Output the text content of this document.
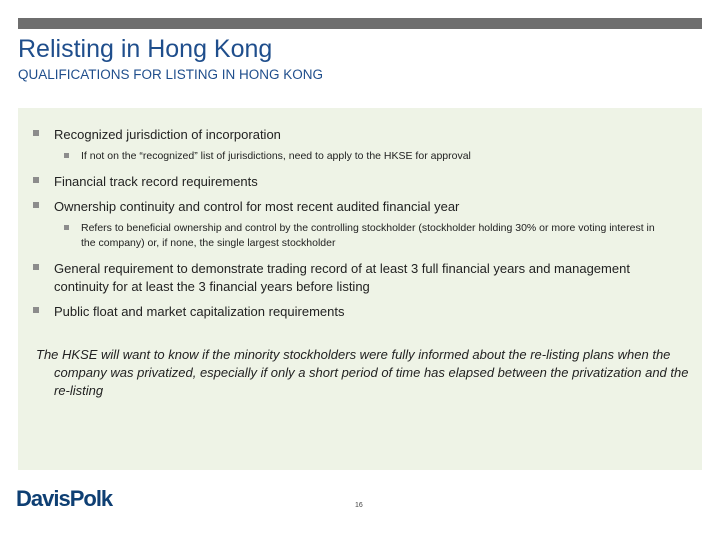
Relisting in Hong Kong
QUALIFICATIONS FOR LISTING IN HONG KONG
Recognized jurisdiction of incorporation
If not on the “recognized” list of jurisdictions, need to apply to the HKSE for approval
Financial track record requirements
Ownership continuity and control for most recent audited financial year
Refers to beneficial ownership and control by the controlling stockholder (stockholder holding 30% or more voting interest in the company) or, if none, the single largest stockholder
General requirement to demonstrate trading record of at least 3 full financial years and management continuity for at least the 3 financial years before listing
Public float and market capitalization requirements
The HKSE will want to know if the minority stockholders were fully informed about the re-listing plans when the company was privatized, especially if only a short period of time has elapsed between the privatization and the re-listing
DavisPolk	16
